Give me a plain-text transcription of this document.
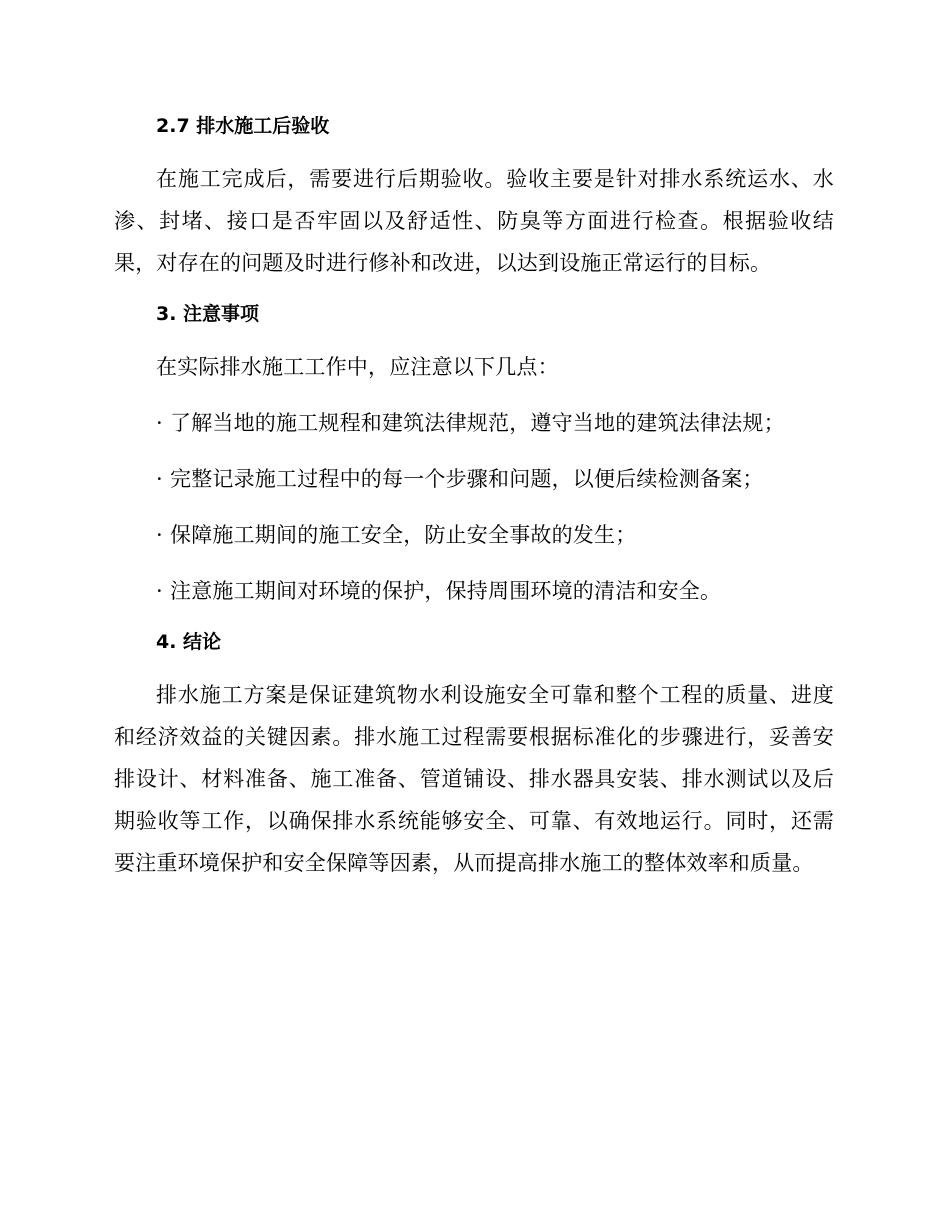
2.7 排水施工后验收

在施工完成后，需要进行后期验收。验收主要是针对排水系统运水、水渗、封堵、接口是否牢固以及舒适性、防臭等方面进行检查。根据验收结果，对存在的问题及时进行修补和改进，以达到设施正常运行的目标。

3. 注意事项

在实际排水施工工作中，应注意以下几点：

· 了解当地的施工规程和建筑法律规范，遵守当地的建筑法律法规；
· 完整记录施工过程中的每一个步骤和问题，以便后续检测备案；
· 保障施工期间的施工安全，防止安全事故的发生；
· 注意施工期间对环境的保护，保持周围环境的清洁和安全。
4. 结论

排水施工方案是保证建筑物水利设施安全可靠和整个工程的质量、进度和经济效益的关键因素。排水施工过程需要根据标准化的步骤进行，妥善安排设计、材料准备、施工准备、管道铺设、排水器具安装、排水测试以及后期验收等工作，以确保排水系统能够安全、可靠、有效地运行。同时，还需要注重环境保护和安全保障等因素，从而提高排水施工的整体效率和质量。
